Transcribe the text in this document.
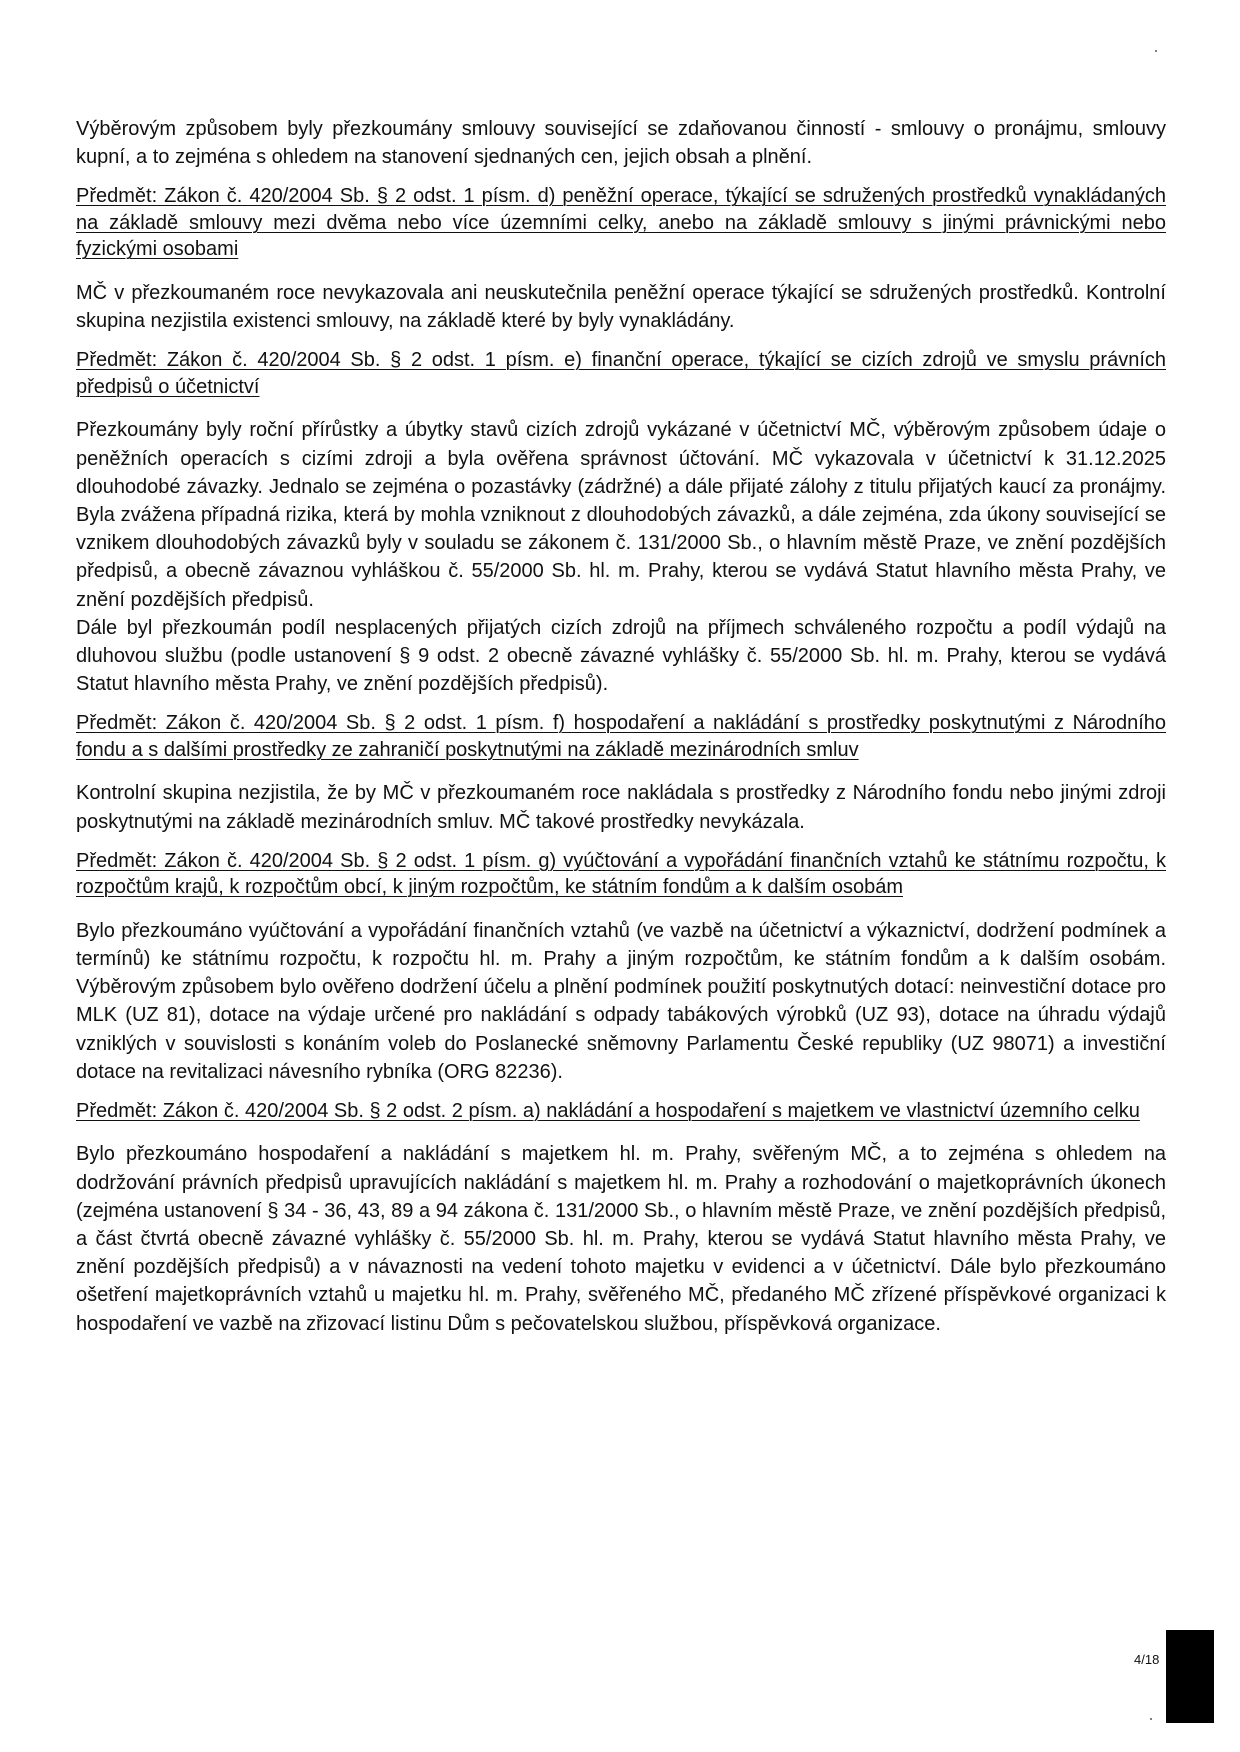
Výběrovým způsobem byly přezkoumány smlouvy související se zdaňovanou činností - smlouvy o pronájmu, smlouvy kupní, a to zejména s ohledem na stanovení sjednaných cen, jejich obsah a plnění.

Předmět: Zákon č. 420/2004 Sb. § 2 odst. 1 písm. d) peněžní operace, týkající se sdružených prostředků vynakládaných na základě smlouvy mezi dvěma nebo více územními celky, anebo na základě smlouvy s jinými právnickými nebo fyzickými osobami

MČ v přezkoumaném roce nevykazovala ani neuskutečnila peněžní operace týkající se sdružených prostředků. Kontrolní skupina nezjistila existenci smlouvy, na základě které by byly vynakládány.

Předmět: Zákon č. 420/2004 Sb. § 2 odst. 1 písm. e) finanční operace, týkající se cizích zdrojů ve smyslu právních předpisů o účetnictví

Přezkoumány byly roční přírůstky a úbytky stavů cizích zdrojů vykázané v účetnictví MČ, výběrovým způsobem údaje o peněžních operacích s cizími zdroji a byla ověřena správnost účtování. MČ vykazovala v účetnictví k 31.12.2025 dlouhodobé závazky. Jednalo se zejména o pozastávky (zádržné) a dále přijaté zálohy z titulu přijatých kaucí za pronájmy. Byla zvážena případná rizika, která by mohla vzniknout z dlouhodobých závazků, a dále zejména, zda úkony související se vznikem dlouhodobých závazků byly v souladu se zákonem č. 131/2000 Sb., o hlavním městě Praze, ve znění pozdějších předpisů, a obecně závaznou vyhláškou č. 55/2000 Sb. hl. m. Prahy, kterou se vydává Statut hlavního města Prahy, ve znění pozdějších předpisů.

Dále byl přezkoumán podíl nesplacených přijatých cizích zdrojů na příjmech schváleného rozpočtu a podíl výdajů na dluhovou službu (podle ustanovení § 9 odst. 2 obecně závazné vyhlášky č. 55/2000 Sb. hl. m. Prahy, kterou se vydává Statut hlavního města Prahy, ve znění pozdějších předpisů).

Předmět: Zákon č. 420/2004 Sb. § 2 odst. 1 písm. f) hospodaření a nakládání s prostředky poskytnutými z Národního fondu a s dalšími prostředky ze zahraničí poskytnutými na základě mezinárodních smluv

Kontrolní skupina nezjistila, že by MČ v přezkoumaném roce nakládala s prostředky z Národního fondu nebo jinými zdroji poskytnutými na základě mezinárodních smluv. MČ takové prostředky nevykázala.

Předmět: Zákon č. 420/2004 Sb. § 2 odst. 1 písm. g) vyúčtování a vypořádání finančních vztahů ke státnímu rozpočtu, k rozpočtům krajů, k rozpočtům obcí, k jiným rozpočtům, ke státním fondům a k dalším osobám

Bylo přezkoumáno vyúčtování a vypořádání finančních vztahů (ve vazbě na účetnictví a výkaznictví, dodržení podmínek a termínů) ke státnímu rozpočtu, k rozpočtu hl. m. Prahy a jiným rozpočtům, ke státním fondům a k dalším osobám. Výběrovým způsobem bylo ověřeno dodržení účelu a plnění podmínek použití poskytnutých dotací: neinvestiční dotace pro MLK (UZ 81), dotace na výdaje určené pro nakládání s odpady tabákových výrobků (UZ 93), dotace na úhradu výdajů vzniklých v souvislosti s konáním voleb do Poslanecké sněmovny Parlamentu České republiky (UZ 98071) a investiční dotace na revitalizaci návesního rybníka (ORG 82236).

Předmět: Zákon č. 420/2004 Sb. § 2 odst. 2 písm. a) nakládání a hospodaření s majetkem ve vlastnictví územního celku

Bylo přezkoumáno hospodaření a nakládání s majetkem hl. m. Prahy, svěřeným MČ, a to zejména s ohledem na dodržování právních předpisů upravujících nakládání s majetkem hl. m. Prahy a rozhodování o majetkoprávních úkonech (zejména ustanovení § 34 - 36, 43, 89 a 94 zákona č. 131/2000 Sb., o hlavním městě Praze, ve znění pozdějších předpisů, a část čtvrtá obecně závazné vyhlášky č. 55/2000 Sb. hl. m. Prahy, kterou se vydává Statut hlavního města Prahy, ve znění pozdějších předpisů) a v návaznosti na vedení tohoto majetku v evidenci a v účetnictví. Dále bylo přezkoumáno ošetření majetkoprávních vztahů u majetku hl. m. Prahy, svěřeného MČ, předaného MČ zřízené příspěvkové organizaci k hospodaření ve vazbě na zřizovací listinu Dům s pečovatelskou službou, příspěvková organizace.

4/18
